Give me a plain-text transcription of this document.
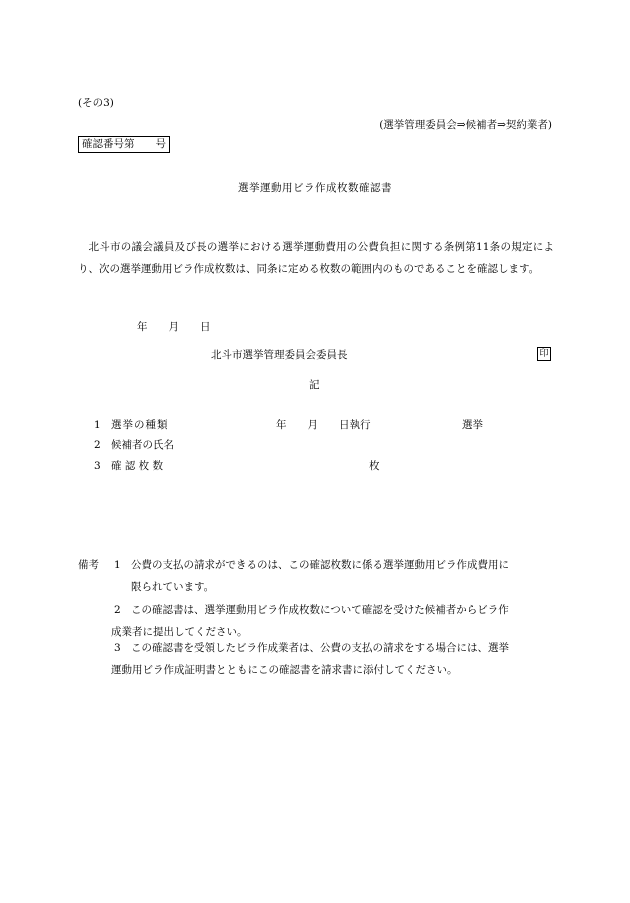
(その3)
(選挙管理委員会⇒候補者⇒契約業者)
確認番号第　　号
選挙運動用ビラ作成枚数確認書
北斗市の議会議員及び長の選挙における選挙運動費用の公費負担に関する条例第11条の規定により、次の選挙運動用ビラ作成枚数は、同条に定める枚数の範囲内のものであることを確認します。
年　　月　　日
北斗市選挙管理委員会委員長	印
記
1 選挙の種類	年　　月　　日執行	選挙
2 候補者の氏名
3 確 認 枚 数	枚
備考 1 公費の支払の請求ができるのは、この確認枚数に係る選挙運動用ビラ作成費用に
限られています。
2 この確認書は、選挙運動用ビラ作成枚数について確認を受けた候補者からビラ作
成業者に提出してください。
3 この確認書を受領したビラ作成業者は、公費の支払の請求をする場合には、選挙
運動用ビラ作成証明書とともにこの確認書を請求書に添付してください。
